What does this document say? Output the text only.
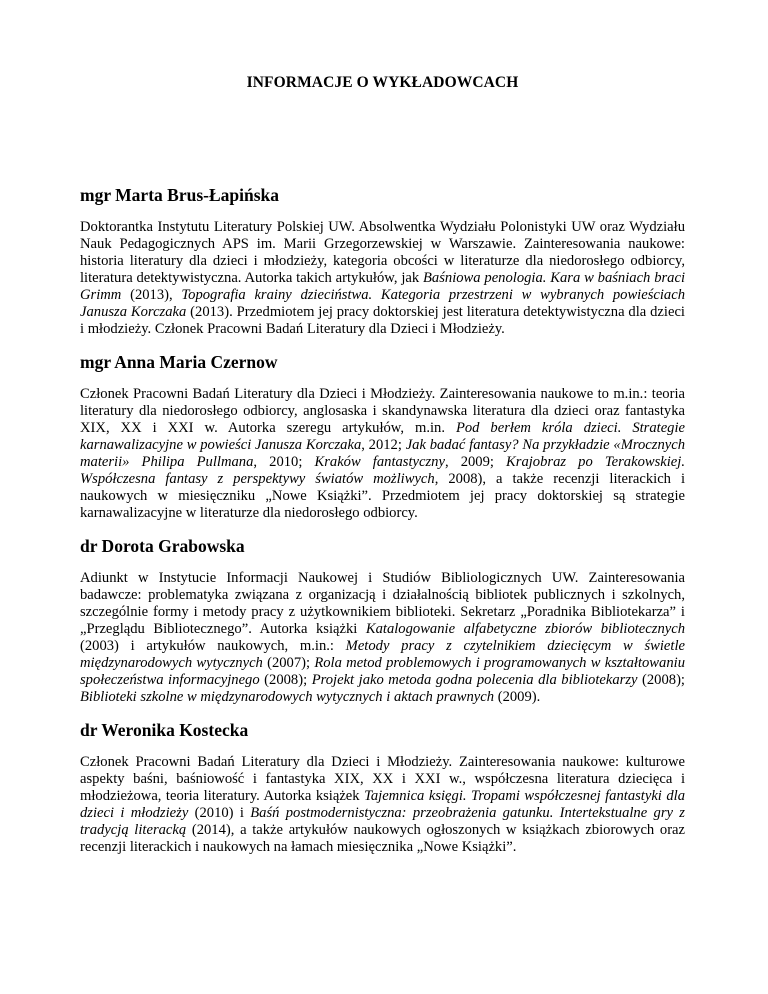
INFORMACJE O WYKŁADOWCACH
mgr Marta Brus-Łapińska

Doktorantka Instytutu Literatury Polskiej UW. Absolwentka Wydziału Polonistyki UW oraz Wydziału Nauk Pedagogicznych APS im. Marii Grzegorzewskiej w Warszawie. Zainteresowania naukowe: historia literatury dla dzieci i młodzieży, kategoria obcości w literaturze dla niedorosłego odbiorcy, literatura detektywistyczna. Autorka takich artykułów, jak Baśniowa penologia. Kara w baśniach braci Grimm (2013), Topografia krainy dzieciństwa. Kategoria przestrzeni w wybranych powieściach Janusza Korczaka (2013). Przedmiotem jej pracy doktorskiej jest literatura detektywistyczna dla dzieci i młodzieży. Członek Pracowni Badań Literatury dla Dzieci i Młodzieży.

mgr Anna Maria Czernow

Członek Pracowni Badań Literatury dla Dzieci i Młodzieży. Zainteresowania naukowe to m.in.: teoria literatury dla niedorosłego odbiorcy, anglosaska i skandynawska literatura dla dzieci oraz fantastyka XIX, XX i XXI w. Autorka szeregu artykułów, m.in. Pod berłem króla dzieci. Strategie karnawalizacyjne w powieści Janusza Korczaka, 2012; Jak badać fantasy? Na przykładzie «Mrocznych materii» Philipa Pullmana, 2010; Kraków fantastyczny, 2009; Krajobraz po Terakowskiej. Współczesna fantasy z perspektywy światów możliwych, 2008), a także recenzji literackich i naukowych w miesięczniku „Nowe Książki”. Przedmiotem jej pracy doktorskiej są strategie karnawalizacyjne w literaturze dla niedorosłego odbiorcy.

dr Dorota Grabowska

Adiunkt w Instytucie Informacji Naukowej i Studiów Bibliologicznych UW. Zainteresowania badawcze: problematyka związana z organizacją i działalnością bibliotek publicznych i szkolnych, szczególnie formy i metody pracy z użytkownikiem biblioteki. Sekretarz „Poradnika Bibliotekarza” i „Przeglądu Bibliotecznego”. Autorka książki Katalogowanie alfabetyczne zbiorów bibliotecznych (2003) i artykułów naukowych, m.in.: Metody pracy z czytelnikiem dziecięcym w świetle międzynarodowych wytycznych (2007); Rola metod problemowych i programowanych w kształtowaniu społeczeństwa informacyjnego (2008); Projekt jako metoda godna polecenia dla bibliotekarzy (2008); Biblioteki szkolne w międzynarodowych wytycznych i aktach prawnych (2009).

dr Weronika Kostecka

Członek Pracowni Badań Literatury dla Dzieci i Młodzieży. Zainteresowania naukowe: kulturowe aspekty baśni, baśniowość i fantastyka XIX, XX i XXI w., współczesna literatura dziecięca i młodzieżowa, teoria literatury. Autorka książek Tajemnica księgi. Tropami współczesnej fantastyki dla dzieci i młodzieży (2010) i Baśń postmodernistyczna: przeobrażenia gatunku. Intertekstualne gry z tradycją literacką (2014), a także artykułów naukowych ogłoszonych w książkach zbiorowych oraz recenzji literackich i naukowych na łamach miesięcznika „Nowe Książki”.
